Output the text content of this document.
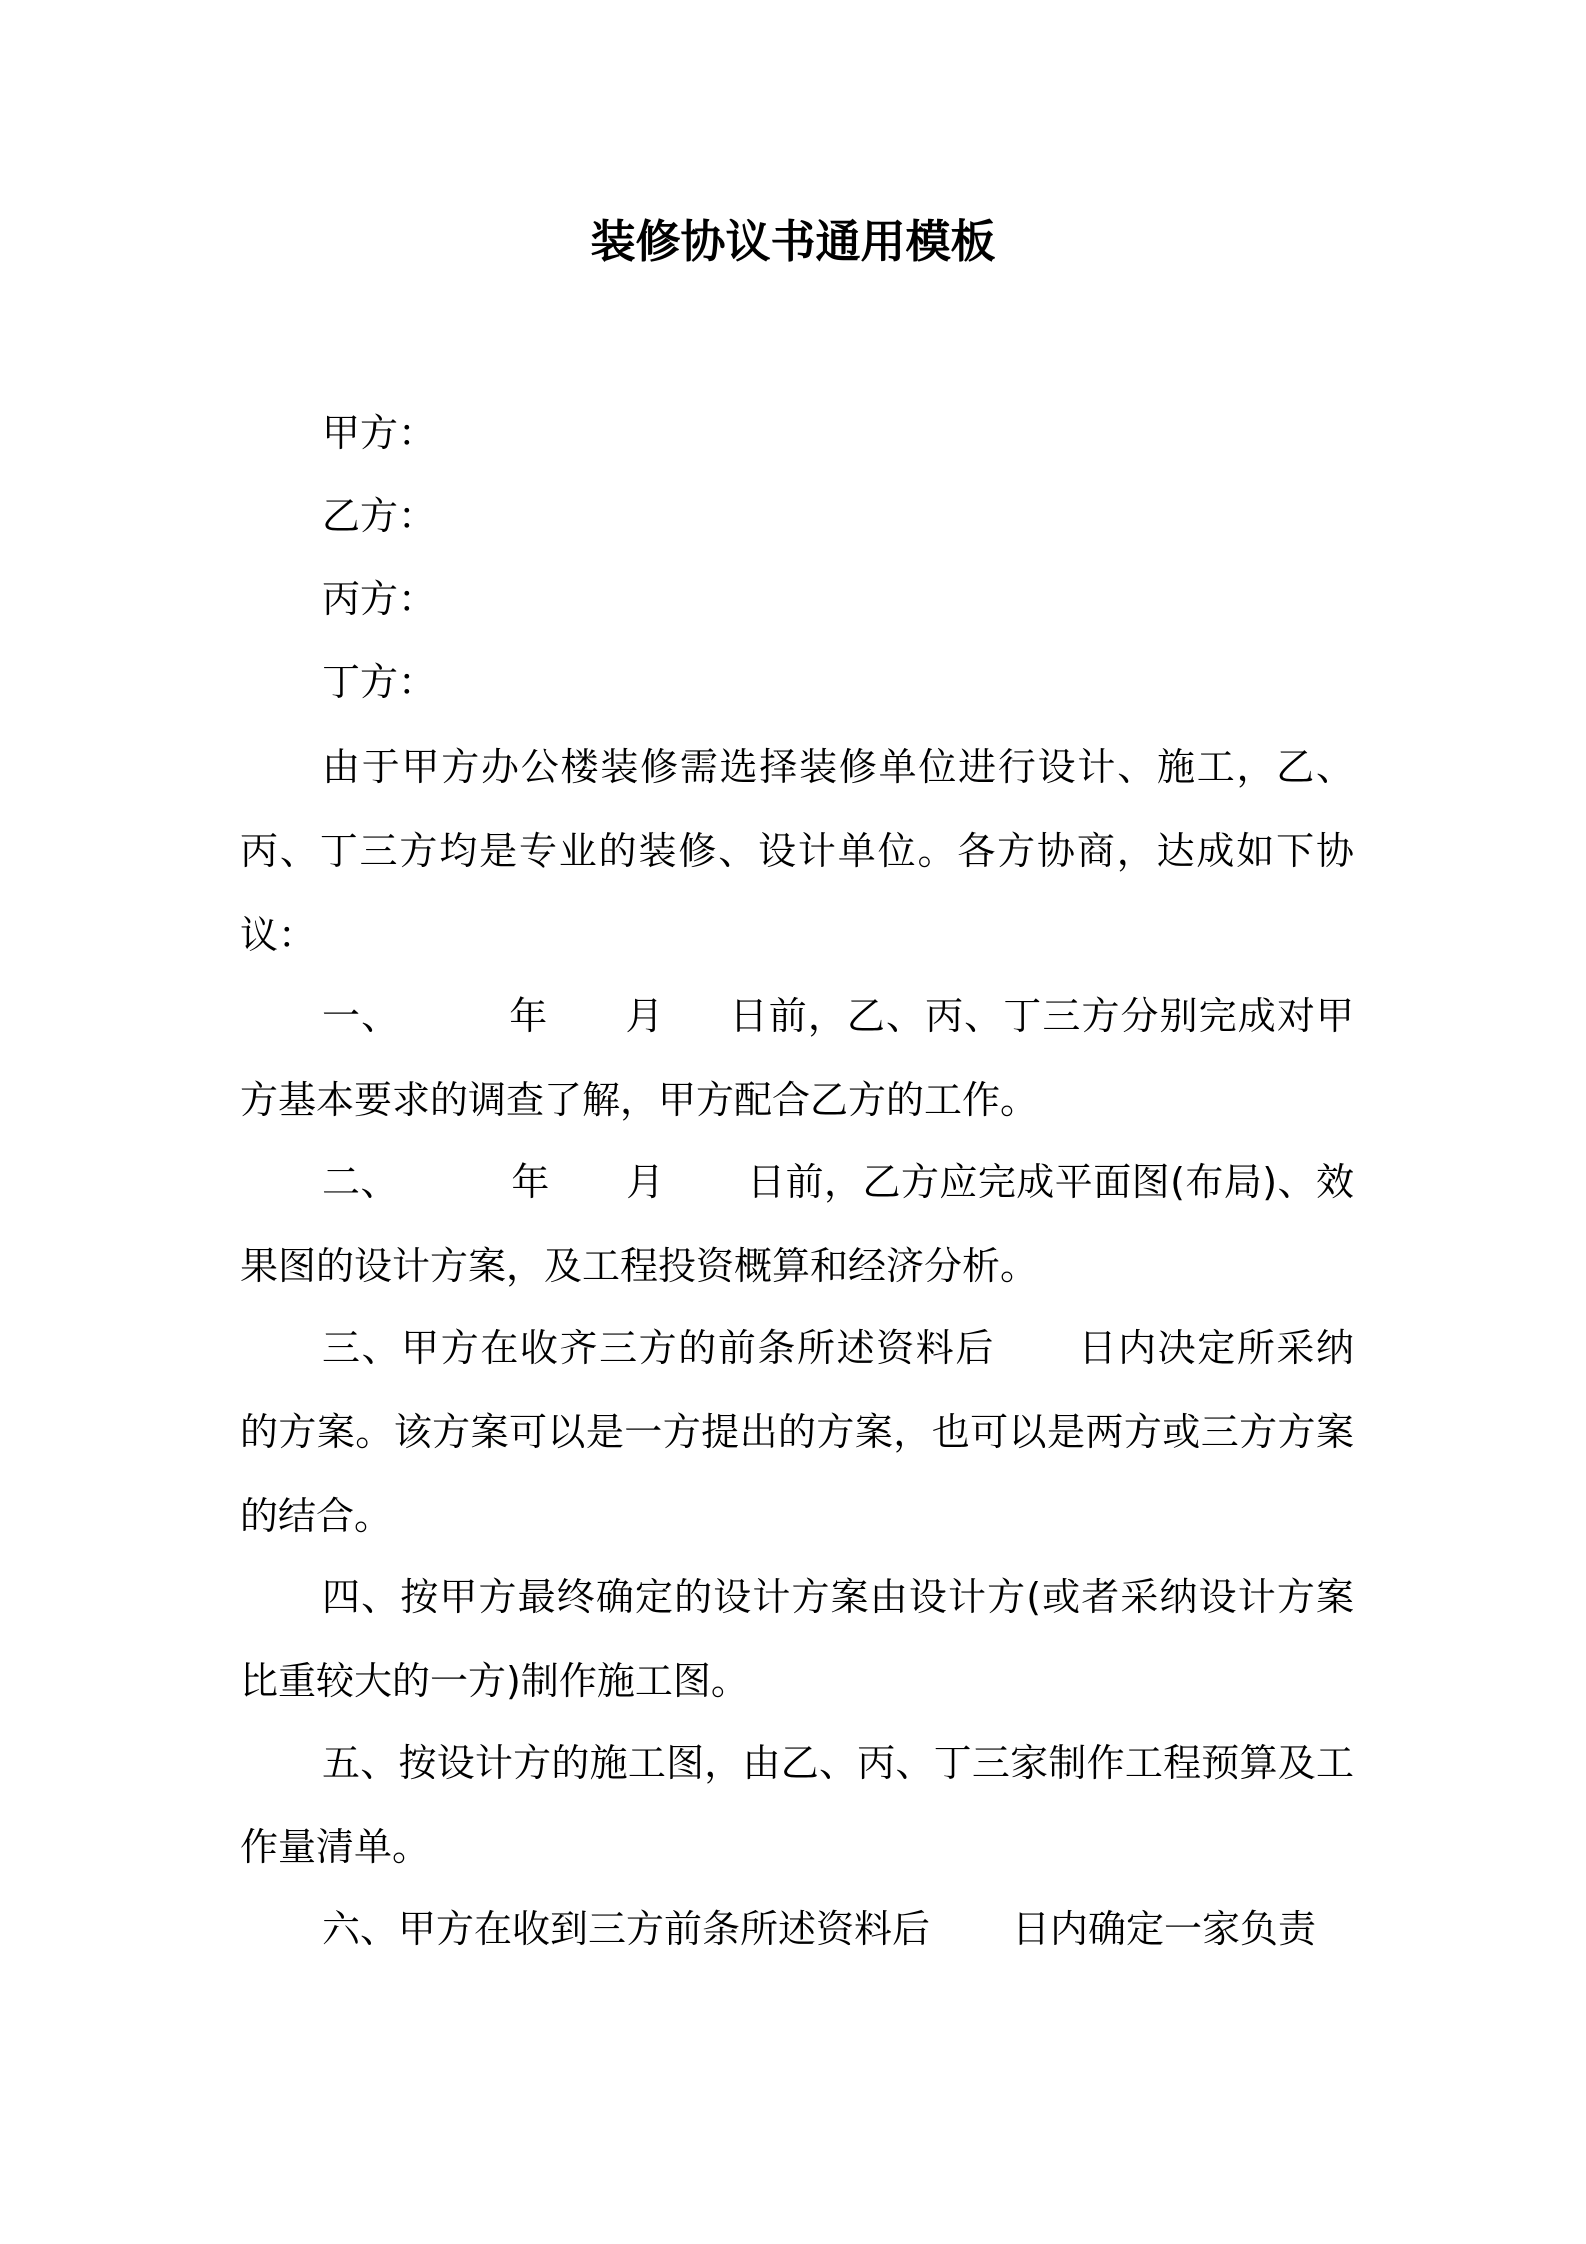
装修协议书通用模板
甲方：
乙方：
丙方：
丁方：

由于甲方办公楼装修需选择装修单位进行设计、施工，乙、丙、丁三方均是专业的装修、设计单位。各方协商，达成如下协议：

一、	年 月 日前，乙、丙、丁三方分别完成对甲方基本要求的调查了解，甲方配合乙方的工作。

二、	年 月 日前，乙方应完成平面图(布局)、效果图的设计方案，及工程投资概算和经济分析。

三、甲方在收齐三方的前条所述资料后 日内决定所采纳的方案。该方案可以是一方提出的方案，也可以是两方或三方方案的结合。

四、按甲方最终确定的设计方案由设计方(或者采纳设计方案比重较大的一方)制作施工图。

五、按设计方的施工图，由乙、丙、丁三家制作工程预算及工作量清单。

六、甲方在收到三方前条所述资料后 日内确定一家负责
